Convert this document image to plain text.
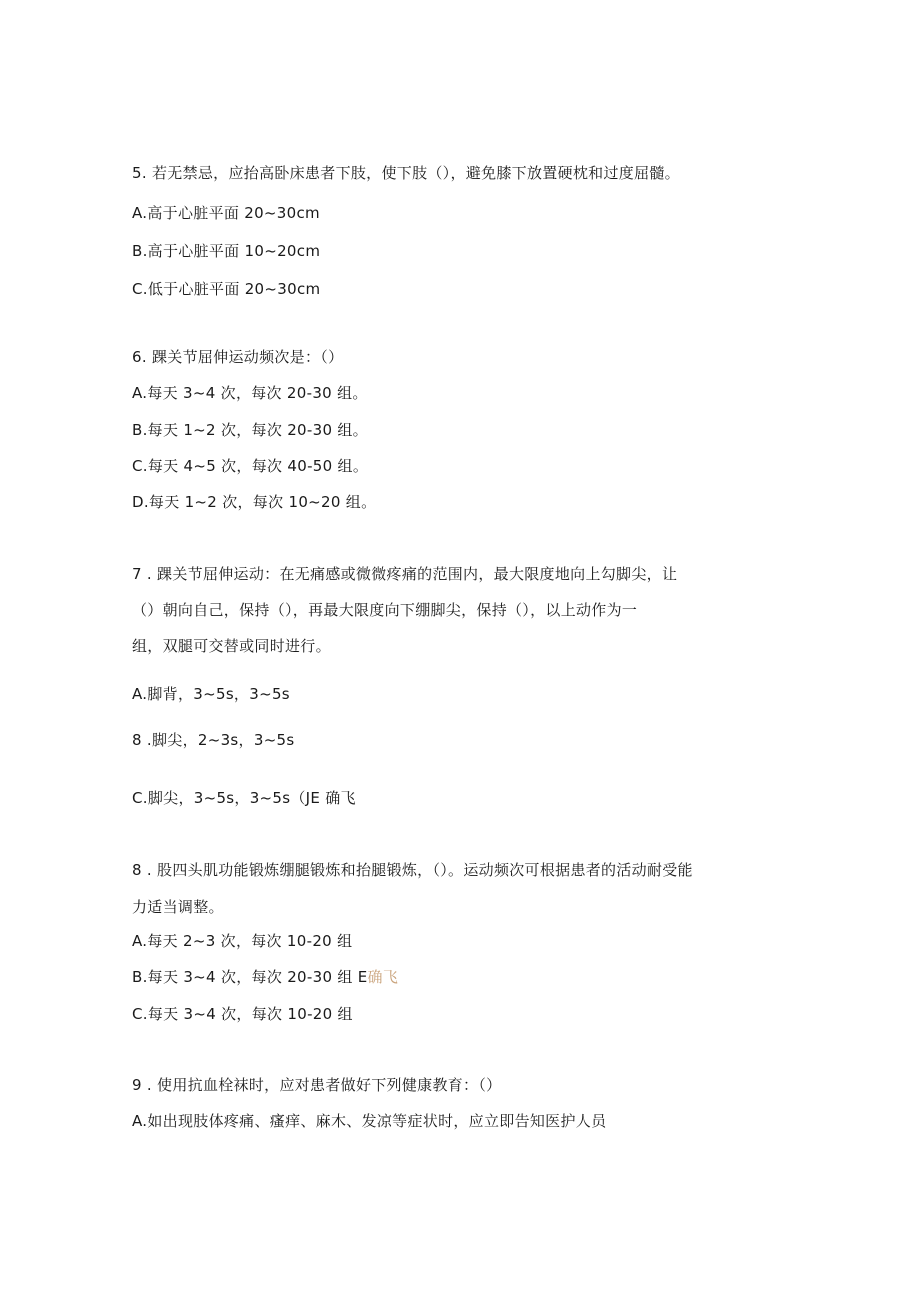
5. 若无禁忌，应抬高卧床患者下肢，使下肢（），避免膝下放置硬枕和过度屈髓。
A.高于心脏平面 20~30cm
B.高于心脏平面 10~20cm
C.低于心脏平面 20~30cm
6. 踝关节屈伸运动频次是：（）
A.每天 3~4 次，每次 20-30 组。
B.每天 1~2 次，每次 20-30 组。
C.每天 4~5 次，每次 40-50 组。
D.每天 1~2 次，每次 10~20 组。
7 . 踝关节屈伸运动：在无痛感或微微疼痛的范围内，最大限度地向上勾脚尖，让
（）朝向自己，保持（），再最大限度向下绷脚尖，保持（），以上动作为一
组，双腿可交替或同时进行。
A.脚背，3~5s，3~5s
8 .脚尖，2~3s，3~5s
C.脚尖，3~5s，3~5s（JE 确飞
8 . 股四头肌功能锻炼绷腿锻炼和抬腿锻炼，（）。运动频次可根据患者的活动耐受能
力适当调整。
A.每天 2~3 次，每次 10-20 组
B.每天 3~4 次，每次 20-30 组 E确飞
C.每天 3~4 次，每次 10-20 组
9 . 使用抗血栓袜时，应对患者做好下列健康教育：（）
A.如出现肢体疼痛、瘙痒、麻木、发凉等症状时，应立即告知医护人员
